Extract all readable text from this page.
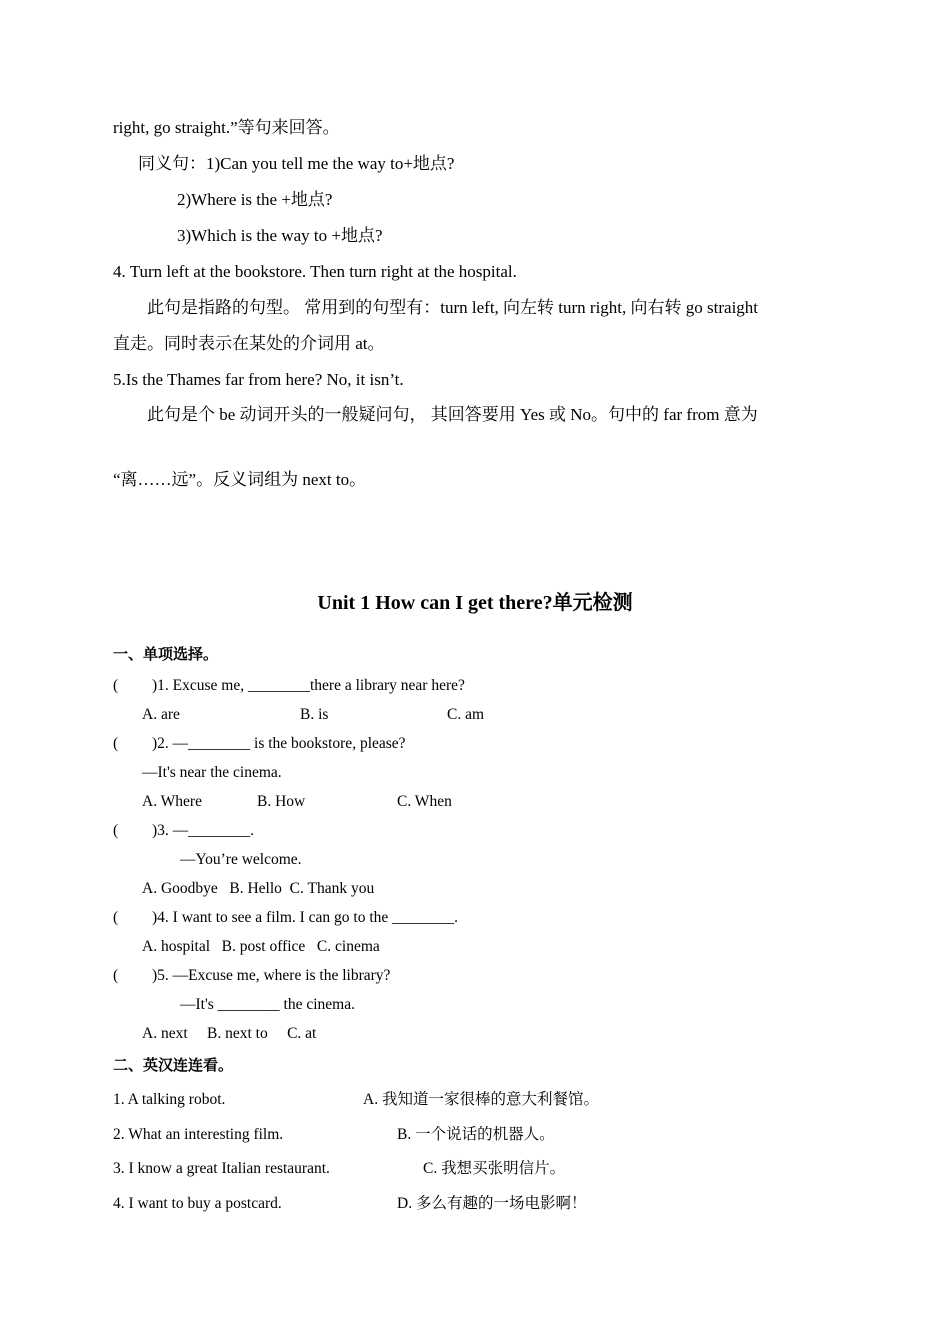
right, go straight.”等句来回答。
同义句：1)Can you tell me the way to+地点?
2)Where is the +地点?
3)Which is the way to +地点?
4. Turn left at the bookstore. Then turn right at the hospital.
此句是指路的句型。 常用到的句型有：turn left, 向左转 turn right, 向右转 go straight
直走。同时表示在某处的介词用 at。
5.Is the Thames far from here? No, it isn’t.
此句是个 be 动词开头的一般疑问句， 其回答要用 Yes 或 No。句中的 far from 意为
“离……远”。反义词组为 next to。
Unit 1 How can I get there?单元检测
一、单项选择。
( )1. Excuse me, ________there a library near here?
A. are	B. is	C. am
( )2. —________ is the bookstore, please?
—It's near the cinema.
A. Where	B. How	C. When
( )3. —________.
—You’re welcome.
A. Goodbye   B. Hello  C. Thank you
( )4. I want to see a film. I can go to the ________.
A. hospital   B. post office   C. cinema
( )5. —Excuse me, where is the library?
—It's ________ the cinema.
A. next     B. next to     C. at
二、英汉连连看。
1. A talking robot.	A. 我知道一家很棒的意大利餐馆。
2. What an interesting film.	B. 一个说话的机器人。
3. I know a great Italian restaurant.	C. 我想买张明信片。
4. I want to buy a postcard.	D. 多么有趣的一场电影啊！
